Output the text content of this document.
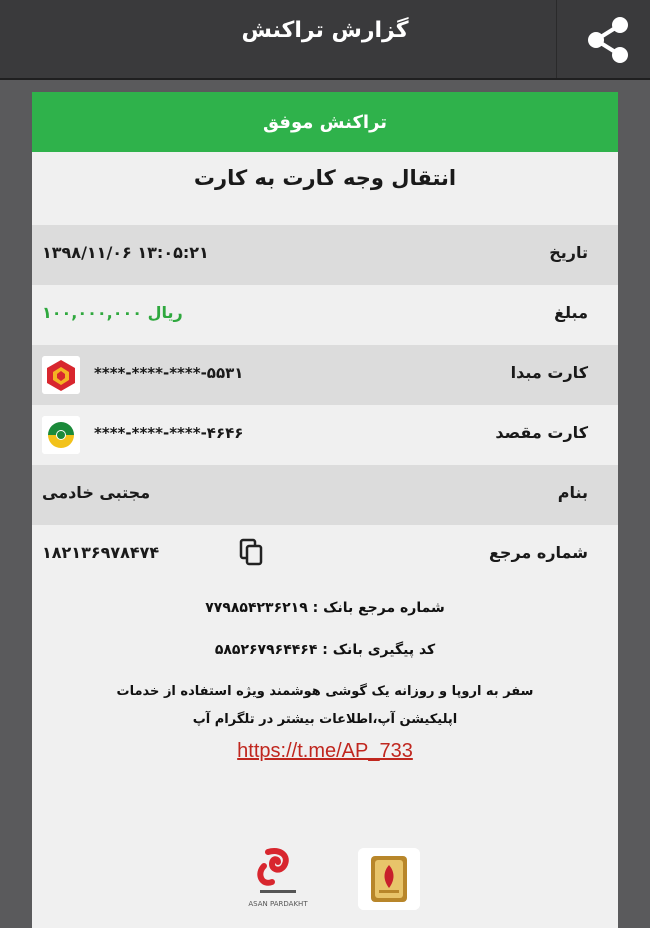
گزارش تراکنش
تراکنش موفق
انتقال وجه کارت به کارت
تاریخ
۱۳۹۸/۱۱/۰۶ ۱۳:۰۵:۲۱
مبلغ
۱۰۰,۰۰۰,۰۰۰ ریال
کارت مبدا
****-****-****-۵۵۳۱
کارت مقصد
****-****-****-۴۶۴۶
بنام
مجتبی خادمی
شماره مرجع
۱۸۲۱۳۶۹۷۸۴۷۴
شماره مرجع بانک : ۷۷۹۸۵۴۲۳۶۲۱۹
کد پیگیری بانک : ۵۸۵۲۶۷۹۶۴۴۶۴
سفر به اروپا و روزانه یک گوشی هوشمند ویژه استفاده از خدمات
اپلیکیشن آپ،اطلاعات بیشتر در تلگرام آپ
https://t.me/AP_733
ASAN PARDAKHT
